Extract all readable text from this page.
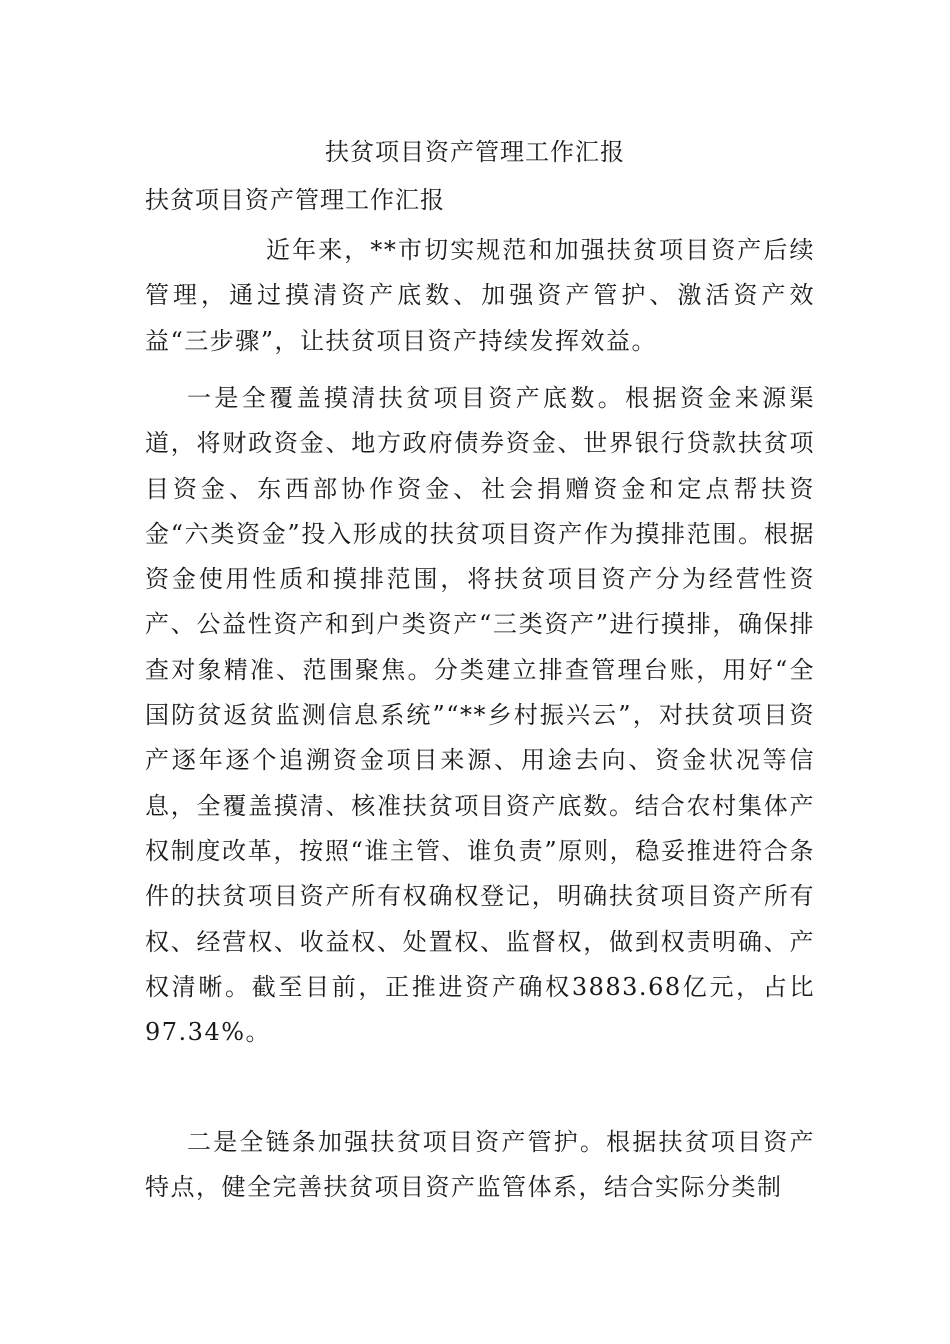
扶贫项目资产管理工作汇报

扶贫项目资产管理工作汇报

近年来，**市切实规范和加强扶贫项目资产后续管理，通过摸清资产底数、加强资产管护、激活资产效益“三步骤”，让扶贫项目资产持续发挥效益。

一是全覆盖摸清扶贫项目资产底数。根据资金来源渠道，将财政资金、地方政府债券资金、世界银行贷款扶贫项目资金、东西部协作资金、社会捐赠资金和定点帮扶资金“六类资金”投入形成的扶贫项目资产作为摸排范围。根据资金使用性质和摸排范围，将扶贫项目资产分为经营性资产、公益性资产和到户类资产“三类资产”进行摸排，确保排查对象精准、范围聚焦。分类建立排查管理台账，用好“全国防贫返贫监测信息系统”“**乡村振兴云”，对扶贫项目资产逐年逐个追溯资金项目来源、用途去向、资金状况等信息，全覆盖摸清、核准扶贫项目资产底数。结合农村集体产权制度改革，按照“谁主管、谁负责”原则，稳妥推进符合条件的扶贫项目资产所有权确权登记，明确扶贫项目资产所有权、经营权、收益权、处置权、监督权，做到权责明确、产权清晰。截至目前，正推进资产确权3883.68亿元，占比97.34%。

二是全链条加强扶贫项目资产管护。根据扶贫项目资产特点，健全完善扶贫项目资产监管体系，结合实际分类制
